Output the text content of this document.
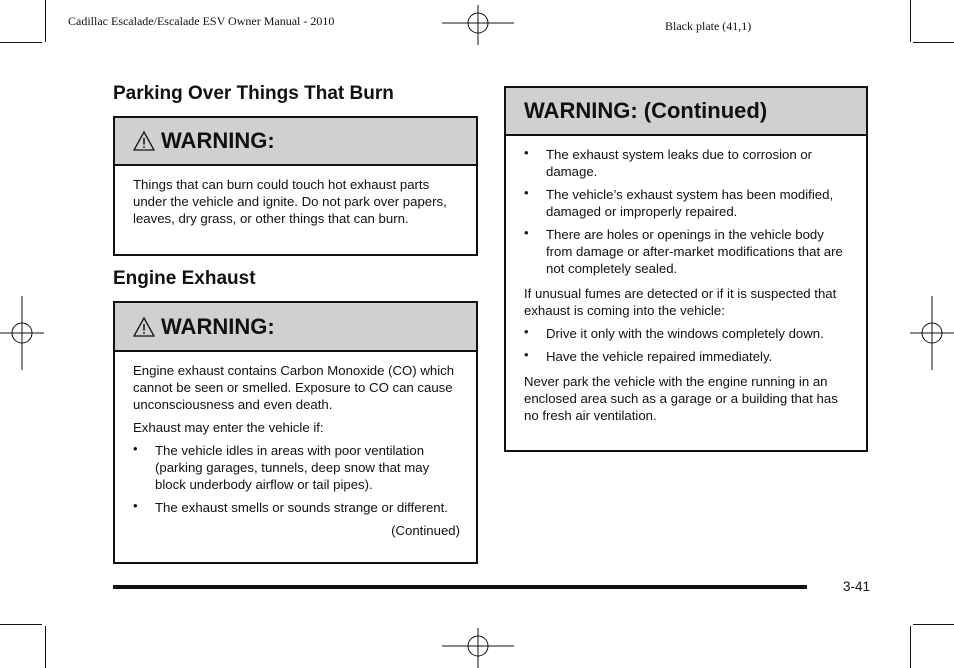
Cadillac Escalade/Escalade ESV Owner Manual - 2010	Black plate (41,1)
Parking Over Things That Burn
WARNING:

Things that can burn could touch hot exhaust parts under the vehicle and ignite. Do not park over papers, leaves, dry grass, or other things that can burn.

Engine Exhaust
WARNING:

Engine exhaust contains Carbon Monoxide (CO) which cannot be seen or smelled. Exposure to CO can cause unconsciousness and even death.

Exhaust may enter the vehicle if:

• The vehicle idles in areas with poor ventilation (parking garages, tunnels, deep snow that may block underbody airflow or tail pipes).
• The exhaust smells or sounds strange or different.
(Continued)
WARNING: (Continued)
• The exhaust system leaks due to corrosion or damage.
• The vehicle’s exhaust system has been modified, damaged or improperly repaired.
• There are holes or openings in the vehicle body from damage or after-market modifications that are not completely sealed.

If unusual fumes are detected or if it is suspected that exhaust is coming into the vehicle:

• Drive it only with the windows completely down.
• Have the vehicle repaired immediately.

Never park the vehicle with the engine running in an enclosed area such as a garage or a building that has no fresh air ventilation.

3-41
